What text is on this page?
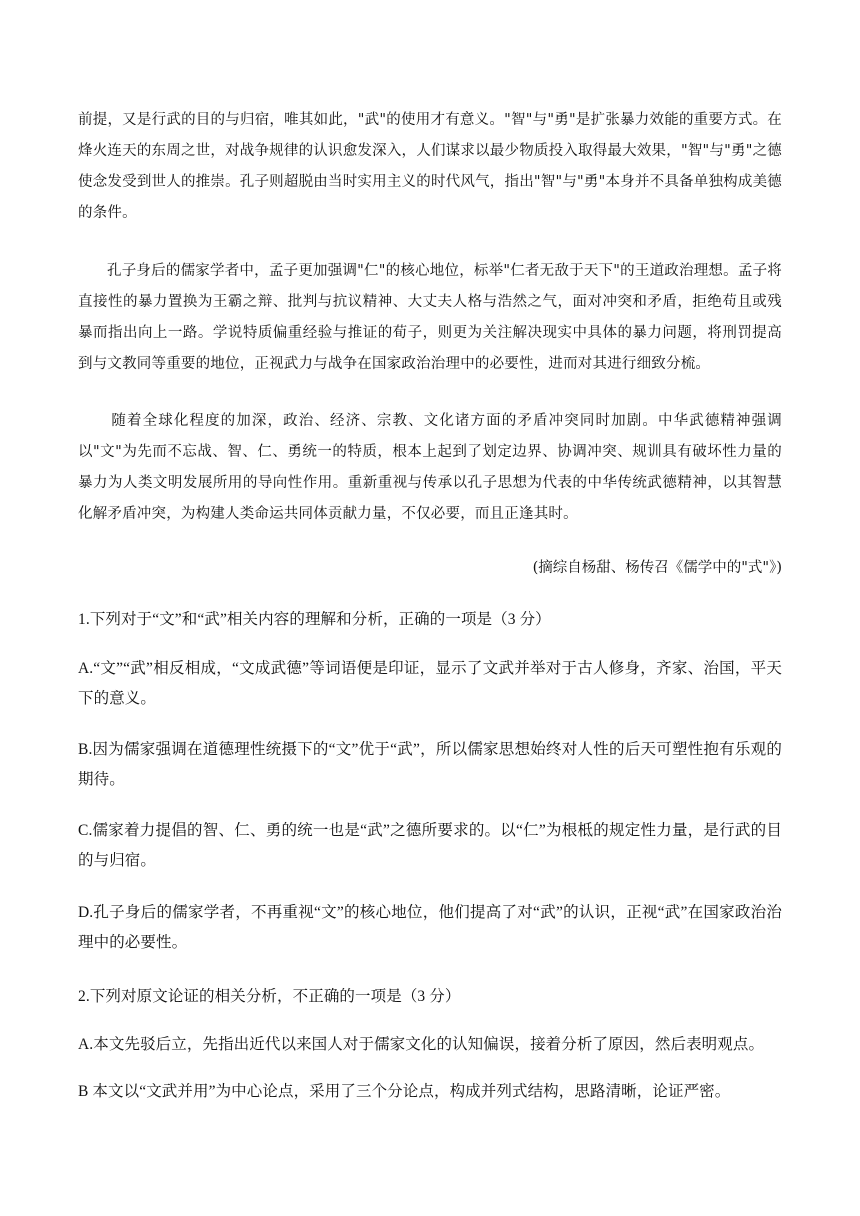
前提，又是行武的目的与归宿，唯其如此，"武"的使用才有意义。"智"与"勇"是扩张暴力效能的重要方式。在烽火连天的东周之世，对战争规律的认识愈发深入，人们谋求以最少物质投入取得最大效果，"智"与"勇"之德使念发受到世人的推崇。孔子则超脱由当时实用主义的时代风气，指出"智"与"勇"本身并不具备单独构成美德的条件。

孔子身后的儒家学者中，孟子更加强调"仁"的核心地位，标举"仁者无敌于天下"的王道政治理想。孟子将直接性的暴力置换为王霸之辩、批判与抗议精神、大丈夫人格与浩然之气，面对冲突和矛盾，拒绝苟且或残暴而指出向上一路。学说特质偏重经验与推证的荀子，则更为关注解决现实中具体的暴力问题，将刑罚提高到与文教同等重要的地位，正视武力与战争在国家政治治理中的必要性，进而对其进行细致分梳。

随着全球化程度的加深，政治、经济、宗教、文化诸方面的矛盾冲突同时加剧。中华武德精神强调以"文"为先而不忘战、智、仁、勇统一的特质，根本上起到了划定边界、协调冲突、规训具有破坏性力量的暴力为人类文明发展所用的导向性作用。重新重视与传承以孔子思想为代表的中华传统武德精神，以其智慧化解矛盾冲突，为构建人类命运共同体贡献力量，不仅必要，而且正逢其时。

(摘综自杨甜、杨传召《儒学中的"式"》)

1.下列对于“文”和“武”相关内容的理解和分析，正确的一项是（3 分）

A.“文”“武”相反相成，“文成武德”等词语便是印证，显示了文武并举对于古人修身，齐家、治国，平天下的意义。

B.因为儒家强调在道德理性统摄下的“文”优于“武”，所以儒家思想始终对人性的后天可塑性抱有乐观的期待。

C.儒家着力提倡的智、仁、勇的统一也是“武”之德所要求的。以“仁”为根柢的规定性力量，是行武的目的与归宿。

D.孔子身后的儒家学者，不再重视“文”的核心地位，他们提高了对“武”的认识，正视“武”在国家政治治理中的必要性。

2.下列对原文论证的相关分析，不正确的一项是（3 分）

A.本文先驳后立，先指出近代以来国人对于儒家文化的认知偏误，接着分析了原因，然后表明观点。

B 本文以“文武并用”为中心论点，采用了三个分论点，构成并列式结构，思路清晰，论证严密。
